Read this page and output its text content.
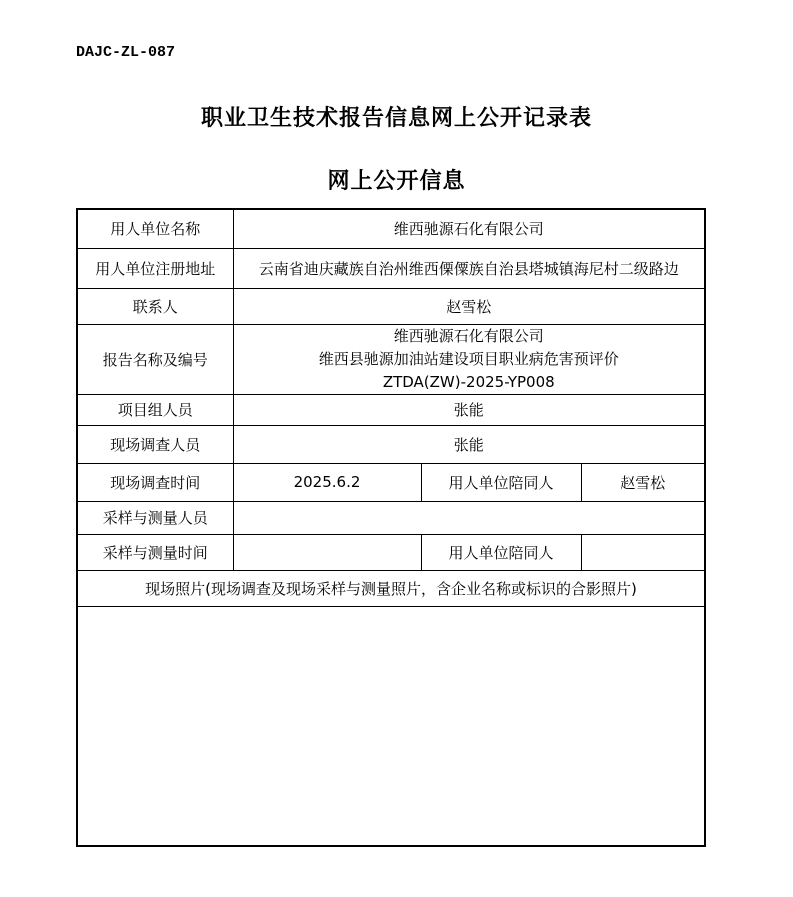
DAJC-ZL-087
职业卫生技术报告信息网上公开记录表
网上公开信息
用人单位名称	维西驰源石化有限公司		
用人单位注册地址	云南省迪庆藏族自治州维西傈僳族自治县塔城镇海尼村二级路边		
联系人	赵雪松		
报告名称及编号	维西驰源石化有限公司
维西县驰源加油站建设项目职业病危害预评价
ZTDA(ZW)-2025-YP008		

项目组人员	张能		
现场调查人员	张能		
现场调查时间	2025.6.2	用人单位陪同人	赵雪松
采样与测量人员			
采样与测量时间		用人单位陪同人	
现场照片(现场调查及现场采样与测量照片，含企业名称或标识的合影照片)			
